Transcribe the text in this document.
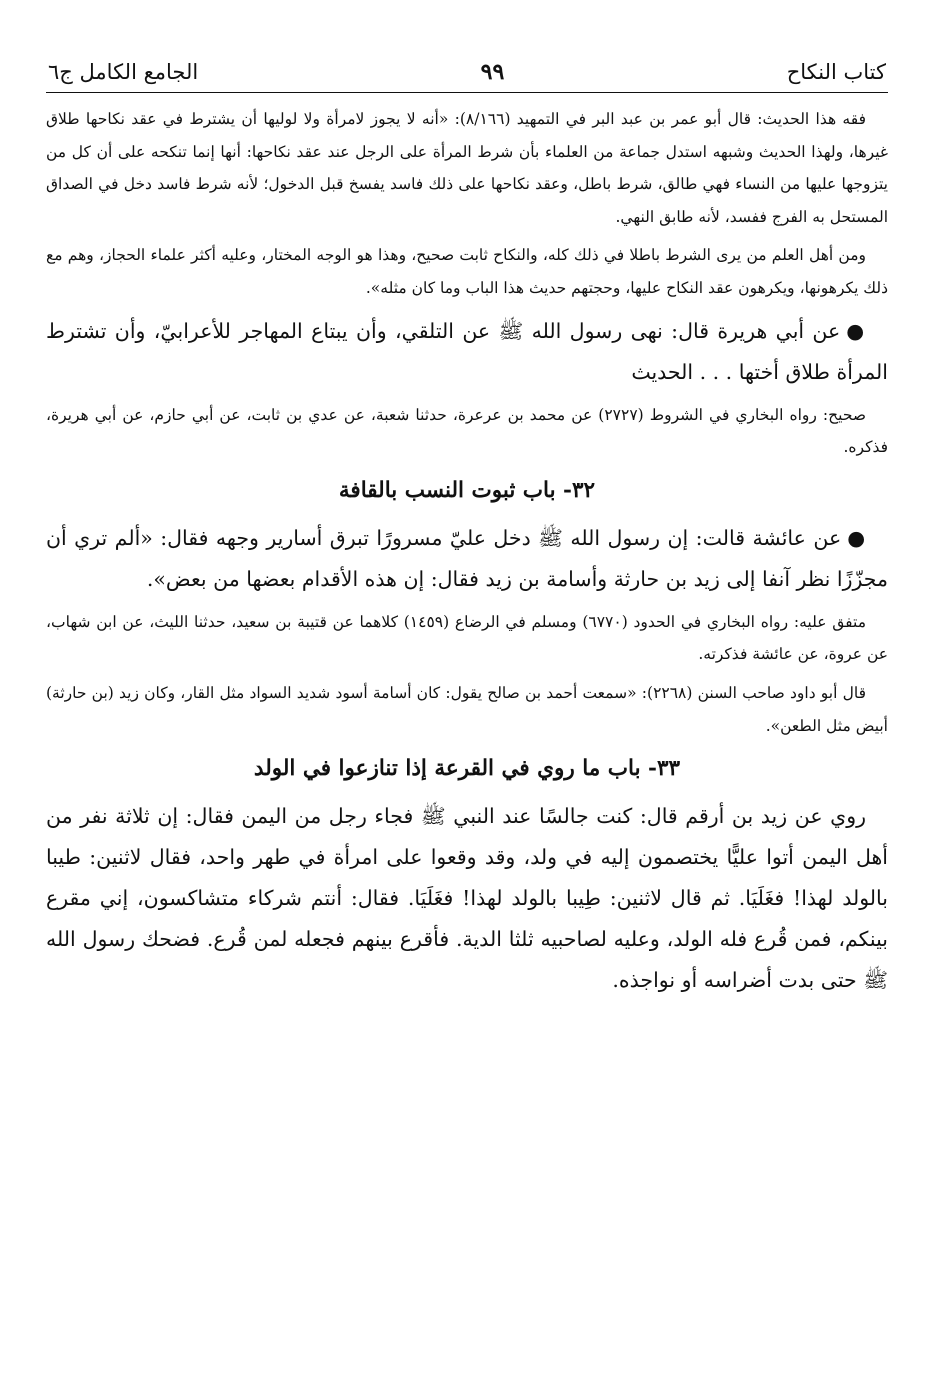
كتاب النكاح
٩٩
الجامع الكامل ج٦

فقه هذا الحديث: قال أبو عمر بن عبد البر في التمهيد (٨/١٦٦): «أنه لا يجوز لامرأة ولا لوليها أن يشترط في عقد نكاحها طلاق غيرها، ولهذا الحديث وشبهه استدل جماعة من العلماء بأن شرط المرأة على الرجل عند عقد نكاحها: أنها إنما تنكحه على أن كل من يتزوجها عليها من النساء فهي طالق، شرط باطل، وعقد نكاحها على ذلك فاسد يفسخ قبل الدخول؛ لأنه شرط فاسد دخل في الصداق المستحل به الفرج ففسد، لأنه طابق النهي.

ومن أهل العلم من يرى الشرط باطلا في ذلك كله، والنكاح ثابت صحيح، وهذا هو الوجه المختار، وعليه أكثر علماء الحجاز، وهم مع ذلك يكرهونها، ويكرهون عقد النكاح عليها، وحجتهم حديث هذا الباب وما كان مثله».

●عن أبي هريرة قال: نهى رسول الله ﷺ عن التلقي، وأن يبتاع المهاجر للأعرابيّ، وأن تشترط المرأة طلاق أختها . . . الحديث

صحيح: رواه البخاري في الشروط (٢٧٢٧) عن محمد بن عرعرة، حدثنا شعبة، عن عدي بن ثابت، عن أبي حازم، عن أبي هريرة، فذكره.

٣٢- باب ثبوت النسب بالقافة

●عن عائشة قالت: إن رسول الله ﷺ دخل عليّ مسرورًا تبرق أسارير وجهه فقال: «ألم تري أن مجزّزًا نظر آنفا إلى زيد بن حارثة وأسامة بن زيد فقال: إن هذه الأقدام بعضها من بعض».

متفق عليه: رواه البخاري في الحدود (٦٧٧٠) ومسلم في الرضاع (١٤٥٩) كلاهما عن قتيبة بن سعيد، حدثنا الليث، عن ابن شهاب، عن عروة، عن عائشة فذكرته.

قال أبو داود صاحب السنن (٢٢٦٨): «سمعت أحمد بن صالح يقول: كان أسامة أسود شديد السواد مثل القار، وكان زيد (بن حارثة) أبيض مثل الطعن».

٣٣- باب ما روي في القرعة إذا تنازعوا في الولد

روي عن زيد بن أرقم قال: كنت جالسًا عند النبي ﷺ فجاء رجل من اليمن فقال: إن ثلاثة نفر من أهل اليمن أتوا عليًّا يختصمون إليه في ولد، وقد وقعوا على امرأة في طهر واحد، فقال لاثنين: طيبا بالولد لهذا! فغَلَيَا. ثم قال لاثنين: طِيبا بالولد لهذا! فغَلَيَا. فقال: أنتم شركاء متشاكسون، إني مقرع بينكم، فمن قُرع فله الولد، وعليه لصاحبيه ثلثا الدية. فأقرع بينهم فجعله لمن قُرع. فضحك رسول الله ﷺ حتى بدت أضراسه أو نواجذه.
